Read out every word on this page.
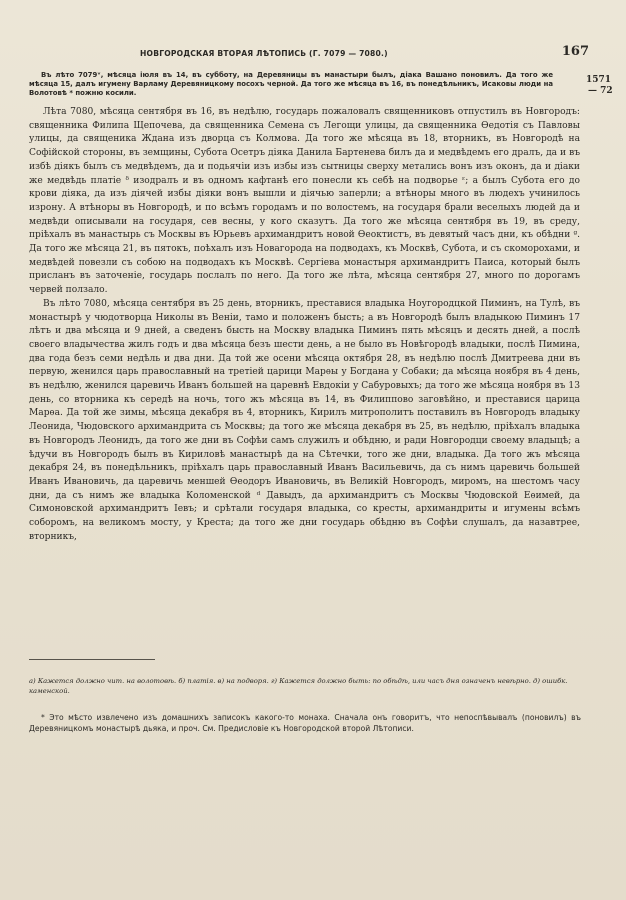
НОВГОРОДСКАЯ ВТОРАЯ ЛѢТОПИСЬ (Г. 7079 — 7080.)	167
1571
— 72
Въ лѣто 7079ᵛ, мѣсяца іюля въ 14, въ субботу, на Деревяницы въ манастыри былъ, діака Вашано поновилъ. Да того же мѣсяца 15, далъ игумену Варламу Деревяницкому посохъ черной. Да того же мѣсяца въ 16, въ понедѣльникъ, Исаковы люди на Волотовѣ * пожню косили.

Лѣта 7080, мѣсяца сентября въ 16, въ недѣлю, государь пожаловалъ священниковъ отпустилъ въ Новгородъ: священника Филипа Щепочева, да священника Семена съ Легощи улицы, да священника Ѳедотія съ Павловы улицы, да священика Жданa изъ дворца съ Колмова. Да того же мѣсяца въ 18, вторникъ, въ Новгородѣ на Софійской стороны, въ земщины, Субота Осетръ діяка Данила Бартенева билъ да и медвѣдемъ его дралъ, да и въ избѣ діякъ былъ съ медвѣдемъ, да и подьячіи изъ избы изъ сытницы сверху метались вонъ изъ оконъ, да и діаки же медвѣдь платіе ᵟ изодралъ и въ одномъ кафтанѣ его понесли къ себѣ на подворье ᵋ; а былъ Субота его до крови діяка, да изъ діячей избы діяки вонъ вышли и діячью заперли; а втѣноры много въ людехъ учинилось изрону. А втѣноры въ Новгородѣ, и по всѣмъ городамъ и по волостемъ, на государя брали веселыхъ людей да и медвѣди описывали на государя, сев весны, у кого сказутъ. Да того же мѣсяца сентября въ 19, въ среду, пріѣхалъ въ манастырь съ Москвы въ Юрьевъ архимандритъ новой Ѳеоктистъ, въ девятый часъ дни, къ обѣдни ᵍ. Да того же мѣсяца 21, въ пятокъ, поѣхалъ изъ Новагорода на подводахъ, къ Москвѣ, Субота, и съ скоморохами, и медвѣдей повезли съ собою на подводахъ къ Москвѣ. Сергіева монастыря архимандритъ Паиса, который былъ присланъ въ заточеніе, государь послалъ по него. Да того же лѣта, мѣсяца сентября 27, много по дорогамъ червей ползало.

Въ лѣто 7080, мѣсяца сентября въ 25 день, вторникъ, преставися владыка Ноугородцкой Пиминъ, на Тулѣ, въ монастырѣ у чюдотворца Николы въ Веніи, тамо и положенъ бысть; а въ Новгородѣ былъ владыкою Пиминъ 17 лѣтъ и два мѣсяца и 9 дней, а сведенъ бысть на Москву владыка Пиминъ пять мѣсяцъ и десять дней, а послѣ своего владычества жилъ годъ и два мѣсяца безъ шести день, а не было въ Новѣгородѣ владыки, послѣ Пимина, два года безъ семи недѣль и два дни. Да той же осени мѣсяца октября 28, въ недѣлю послѣ Дмитреева дни въ первую, женился царь православный на третіей царици Марѳы у Богдана у Собаки; да мѣсяца ноября въ 4 день, въ недѣлю, женился царевичь Иванъ большей на царевнѣ Евдокіи у Сабуровыхъ; да того же мѣсяца ноября въ 13 день, со вторника къ середѣ на ночь, того жъ мѣсяца въ 14, въ Филиппово заговѣйно, и преставися царица Марѳа. Да той же зимы, мѣсяца декабря въ 4, вторникъ, Кирилъ митрополитъ поставилъ въ Новгородъ владыку Леонида, Чюдовского архимандрита съ Москвы; да того же мѣсяца декабря въ 25, въ недѣлю, пріѣхалъ владыка въ Новгородъ Леонидъ, да того же дни въ Софѣи самъ служилъ и обѣдню, и ради Новгородци своему владыцѣ; а ѣдучи въ Новгородъ былъ въ Кириловѣ манастырѣ да на Сѣтечки, того же дни, владыка. Да того жъ мѣсяца декабря 24, въ понедѣльникъ, пріѣхалъ царь православный Иванъ Васильевичь, да съ нимъ царевичь большей Иванъ Ивановичь, да царевичь меншей Ѳеодоръ Ивановичь, въ Великій Новгородъ, миромъ, на шестомъ часу дни, да съ нимъ же владыка Коломенской ᵈ Давыдъ, да архимандритъ съ Москвы Чюдовской Еѳимей, да Симоновской архимандритъ Іевъ; и срѣтали государя владыка, со кресты, архимандриты и игумены всѣмъ соборомъ, на великомъ мосту, у Креста; да того же дни государь обѣдню въ Софѣи слушалъ, да назавтрее, вторникъ,

а) Кажется должно чит. на волотовѣ. б) платія. в) на подворя. г) Кажется должно быть: по обѣдѣ, или часъ дня означенъ невѣрно. д) ошибк. каменской.
* Это мѣсто извлечено изъ домашнихъ записокъ какого-то монаха. Сначала онъ говоритъ, что непоспѣвывалъ (поновилъ) въ Деревяницкомъ монастырѣ дьяка, и проч. См. Предисловіе къ Новгородской второй Лѣтописи.
